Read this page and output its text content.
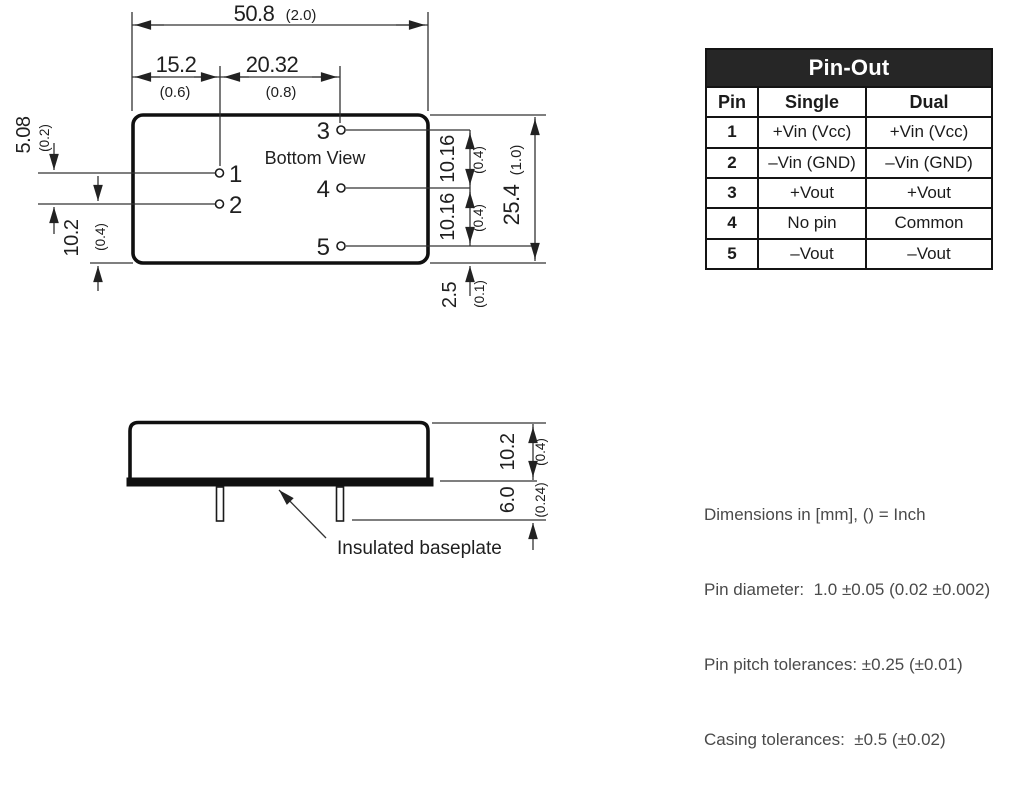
50.8 (2.0)
15.2
(0.6)
20.32
(0.8)
5.08 (0.2)
10.2 (0.4)
10.16 (0.4)
10.16 (0.4) 25.4
(1.0)
2.5 (0.1)
Bottom View
1
2
3
4
5
10.2 (0.4)
6.0 (0.24)
Insulated baseplate
Pin-Out
Pin	Single	Dual
1	+Vin (Vcc)	+Vin (Vcc)
2	–Vin (GND)	–Vin (GND)
3	+Vout	+Vout
4	No pin	Common
5	–Vout	–Vout

Dimensions in [mm], () = Inch

Pin diameter:  1.0 ±0.05 (0.02 ±0.002)

Pin pitch tolerances: ±0.25 (±0.01)

Casing tolerances:  ±0.5 (±0.02)
